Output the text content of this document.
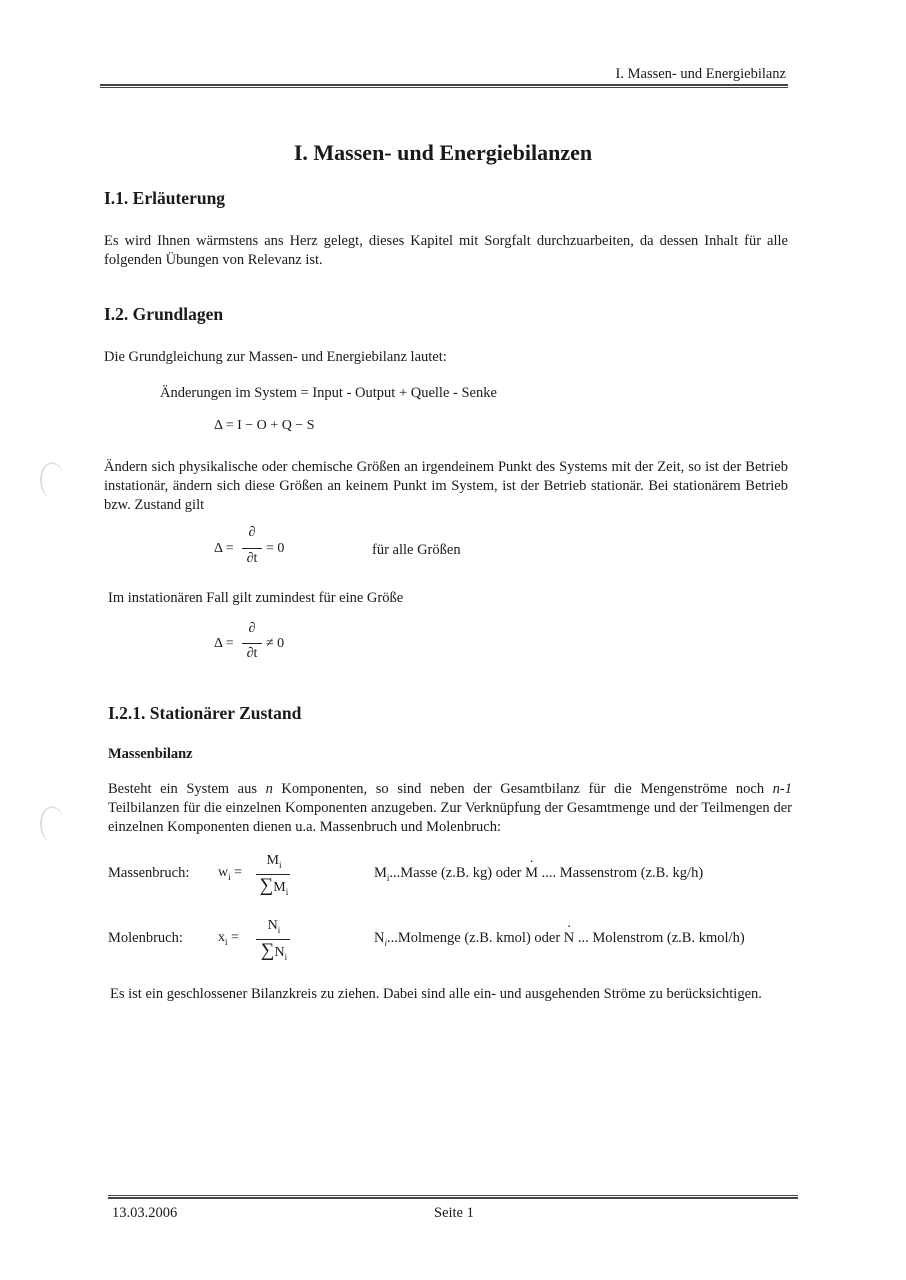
I. Massen- und Energiebilanz
I. Massen- und Energiebilanzen
I.1. Erläuterung
Es wird Ihnen wärmstens ans Herz gelegt, dieses Kapitel mit Sorgfalt durchzuarbeiten, da dessen Inhalt für alle folgenden Übungen von Relevanz ist.
I.2. Grundlagen
Die Grundgleichung zur Massen- und Energiebilanz lautet:
Änderungen im System = Input - Output + Quelle - Senke
Δ = I − O + Q − S
Ändern sich physikalische oder chemische Größen an irgendeinem Punkt des Systems mit der Zeit, so ist der Betrieb instationär, ändern sich diese Größen an keinem Punkt im System, ist der Betrieb stationär. Bei stationärem Betrieb bzw. Zustand gilt
Δ =
∂
∂t
= 0	für alle Größen
Im instationären Fall gilt zumindest für eine Größe
Δ =
∂
∂t
≠ 0
I.2.1. Stationärer Zustand
Massenbilanz
Besteht ein System aus n Komponenten, so sind neben der Gesamtbilanz für die Mengenströme noch n-1 Teilbilanzen für die einzelnen Komponenten anzugeben. Zur Verknüpfung der Gesamtmenge und der Teilmengen der einzelnen Komponenten dienen u.a. Massenbruch und Molenbruch:
Massenbruch: $w_i$ =
$M_i$
$\sum M_i$
$M_i...Masse$ (z.B. kg) oder M · .... Massenstrom (z.B. kg/h)
Molenbruch:	$x_i$ =
$N_i$
$\sum N_i$
$N_i...Molmenge$ (z.B. kmol) oder N · ... Molenstrom (z.B. kmol/h)
Es ist ein geschlossener Bilanzkreis zu ziehen. Dabei sind alle ein- und ausgehenden Ströme zu berücksichtigen.
13.03.2006	Seite 1
